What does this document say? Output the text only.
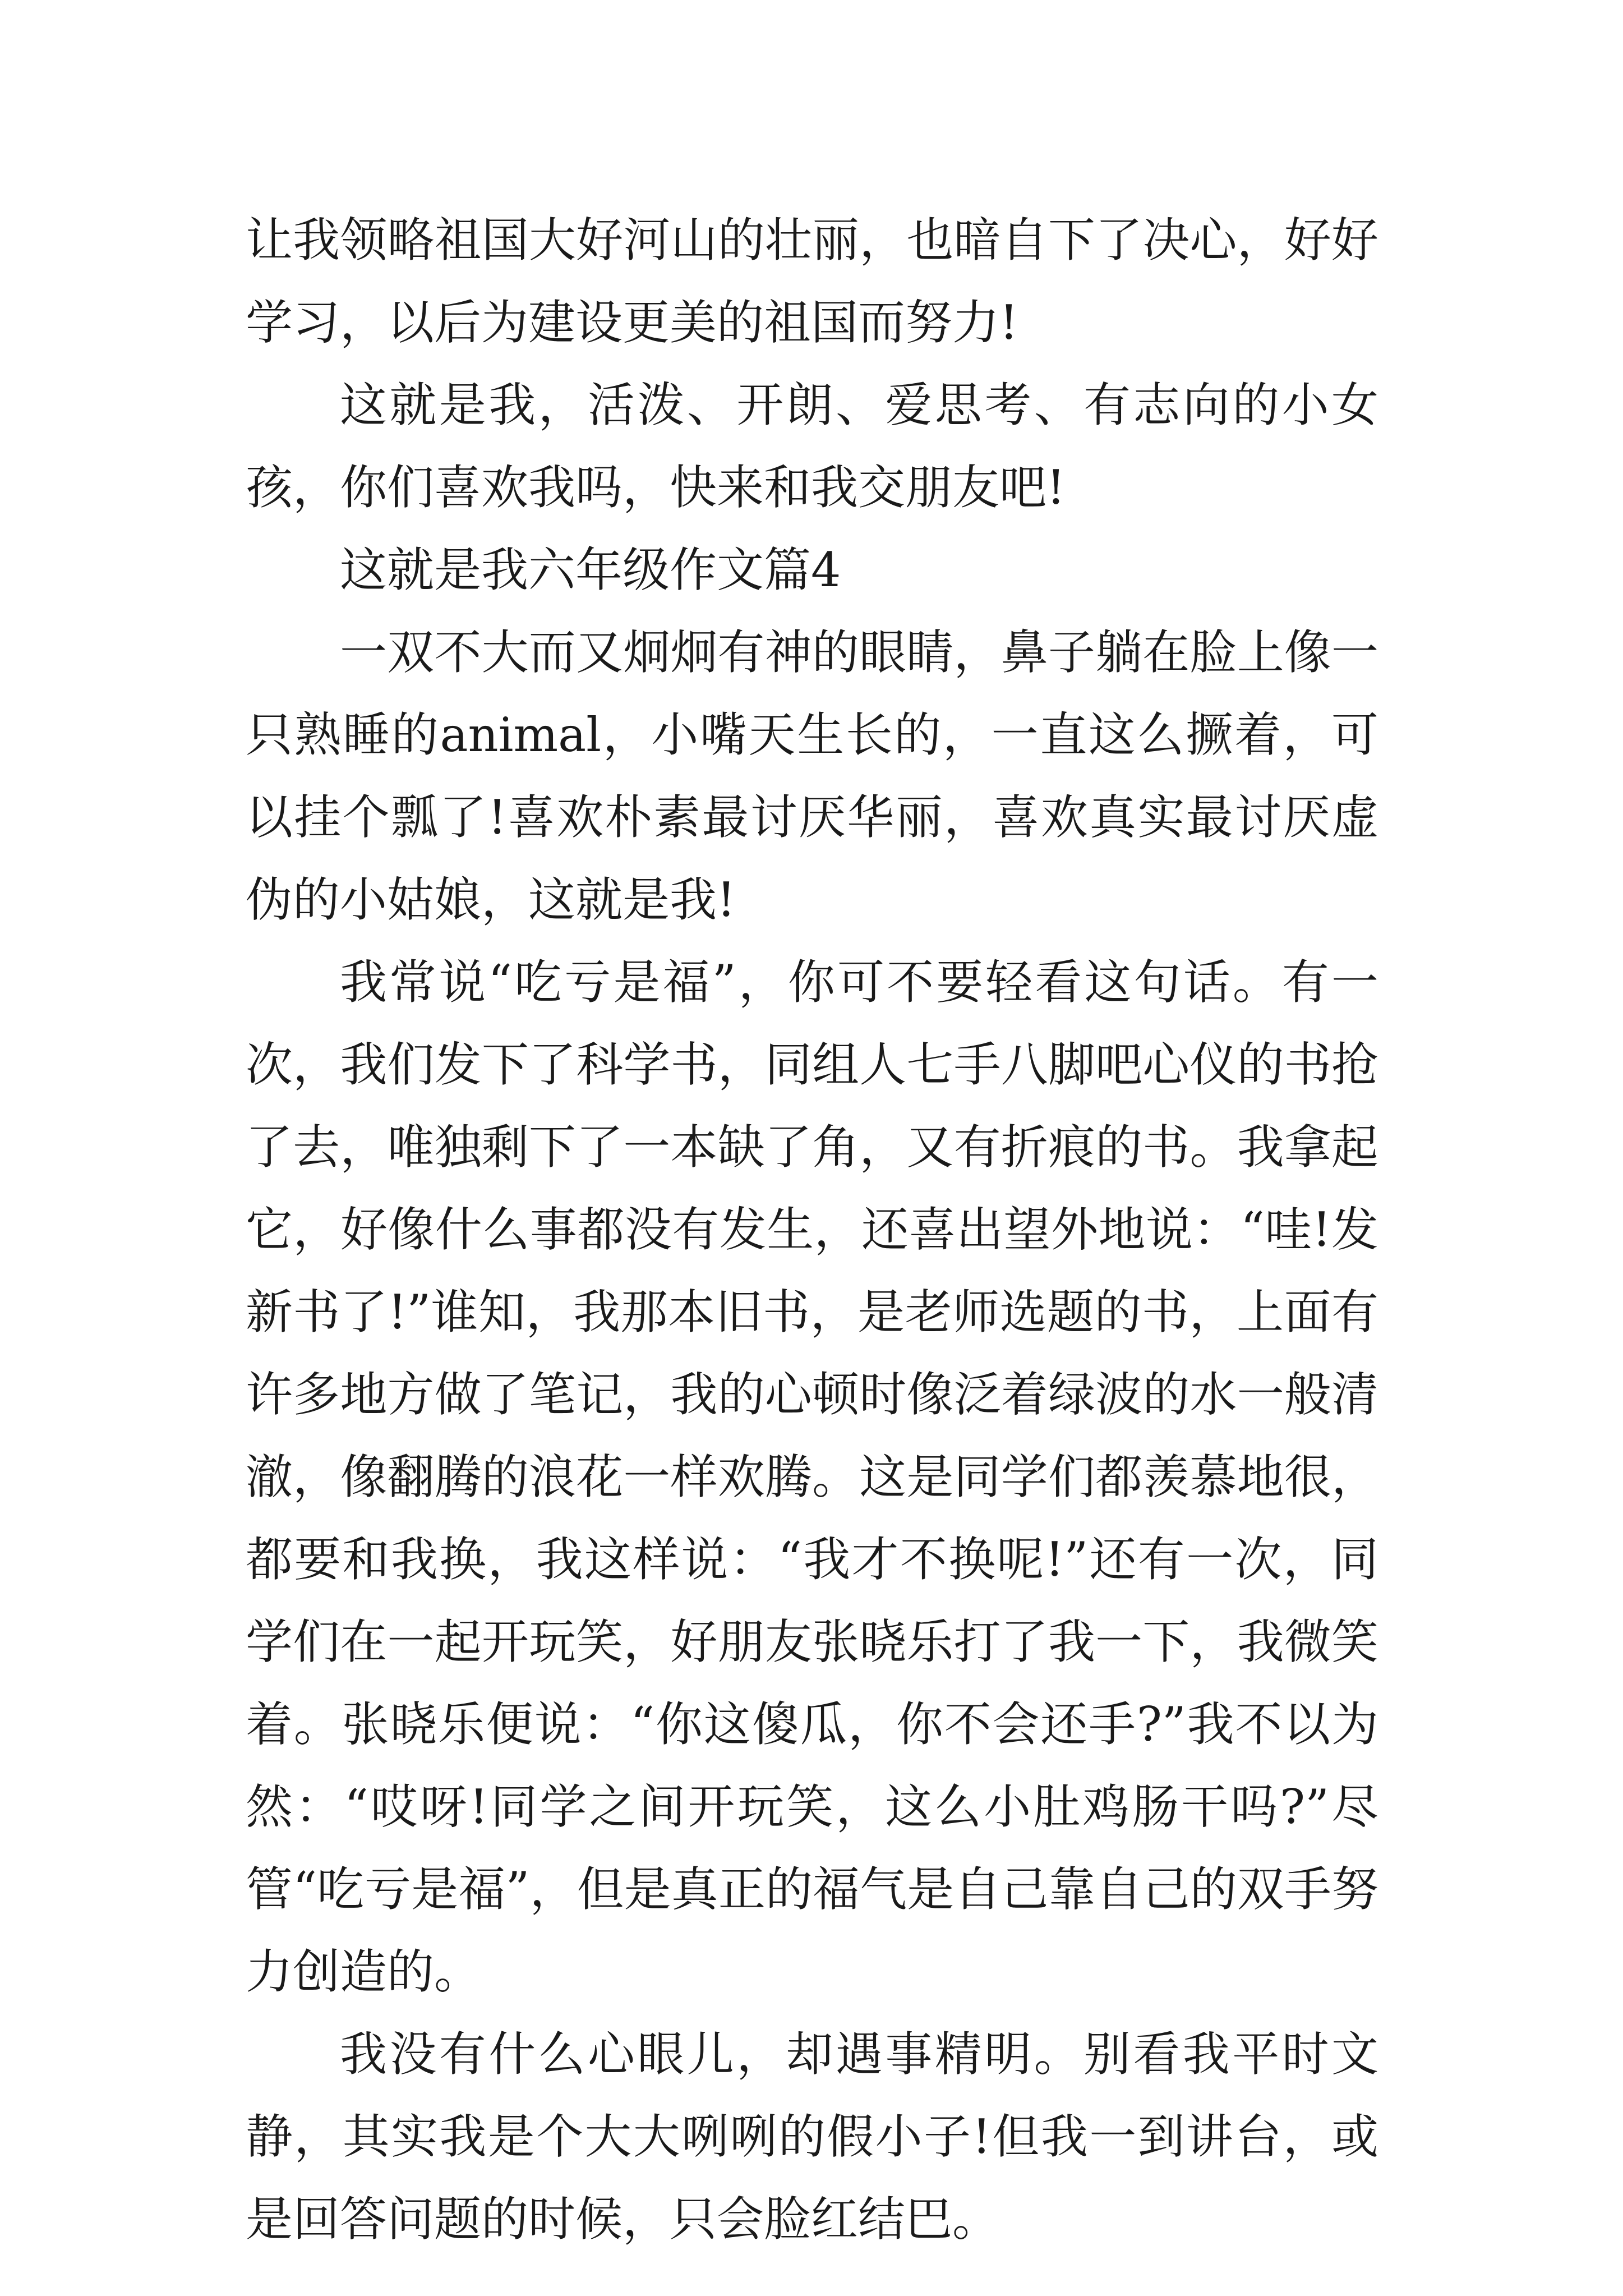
让我领略祖国大好河山的壮丽，也暗自下了决心，好好学习，以后为建设更美的祖国而努力!

这就是我，活泼、开朗、爱思考、有志向的小女孩，你们喜欢我吗，快来和我交朋友吧!

这就是我六年级作文篇4

一双不大而又炯炯有神的眼睛，鼻子躺在脸上像一只熟睡的animal，小嘴天生长的，一直这么撅着，可以挂个瓢了!喜欢朴素最讨厌华丽，喜欢真实最讨厌虚伪的小姑娘，这就是我!

我常说“吃亏是福”，你可不要轻看这句话。有一次，我们发下了科学书，同组人七手八脚吧心仪的书抢了去，唯独剩下了一本缺了角，又有折痕的书。我拿起它，好像什么事都没有发生，还喜出望外地说：“哇!发新书了!”谁知，我那本旧书，是老师选题的书，上面有许多地方做了笔记，我的心顿时像泛着绿波的水一般清澈，像翻腾的浪花一样欢腾。这是同学们都羡慕地很，都要和我换，我这样说：“我才不换呢!”还有一次，同学们在一起开玩笑，好朋友张晓乐打了我一下，我微笑着。张晓乐便说：“你这傻瓜，你不会还手?”我不以为然：“哎呀!同学之间开玩笑，这么小肚鸡肠干吗?”尽管“吃亏是福”，但是真正的福气是自己靠自己的双手努力创造的。

我没有什么心眼儿，却遇事精明。别看我平时文静，其实我是个大大咧咧的假小子!但我一到讲台，或是回答问题的时候，只会脸红结巴。
